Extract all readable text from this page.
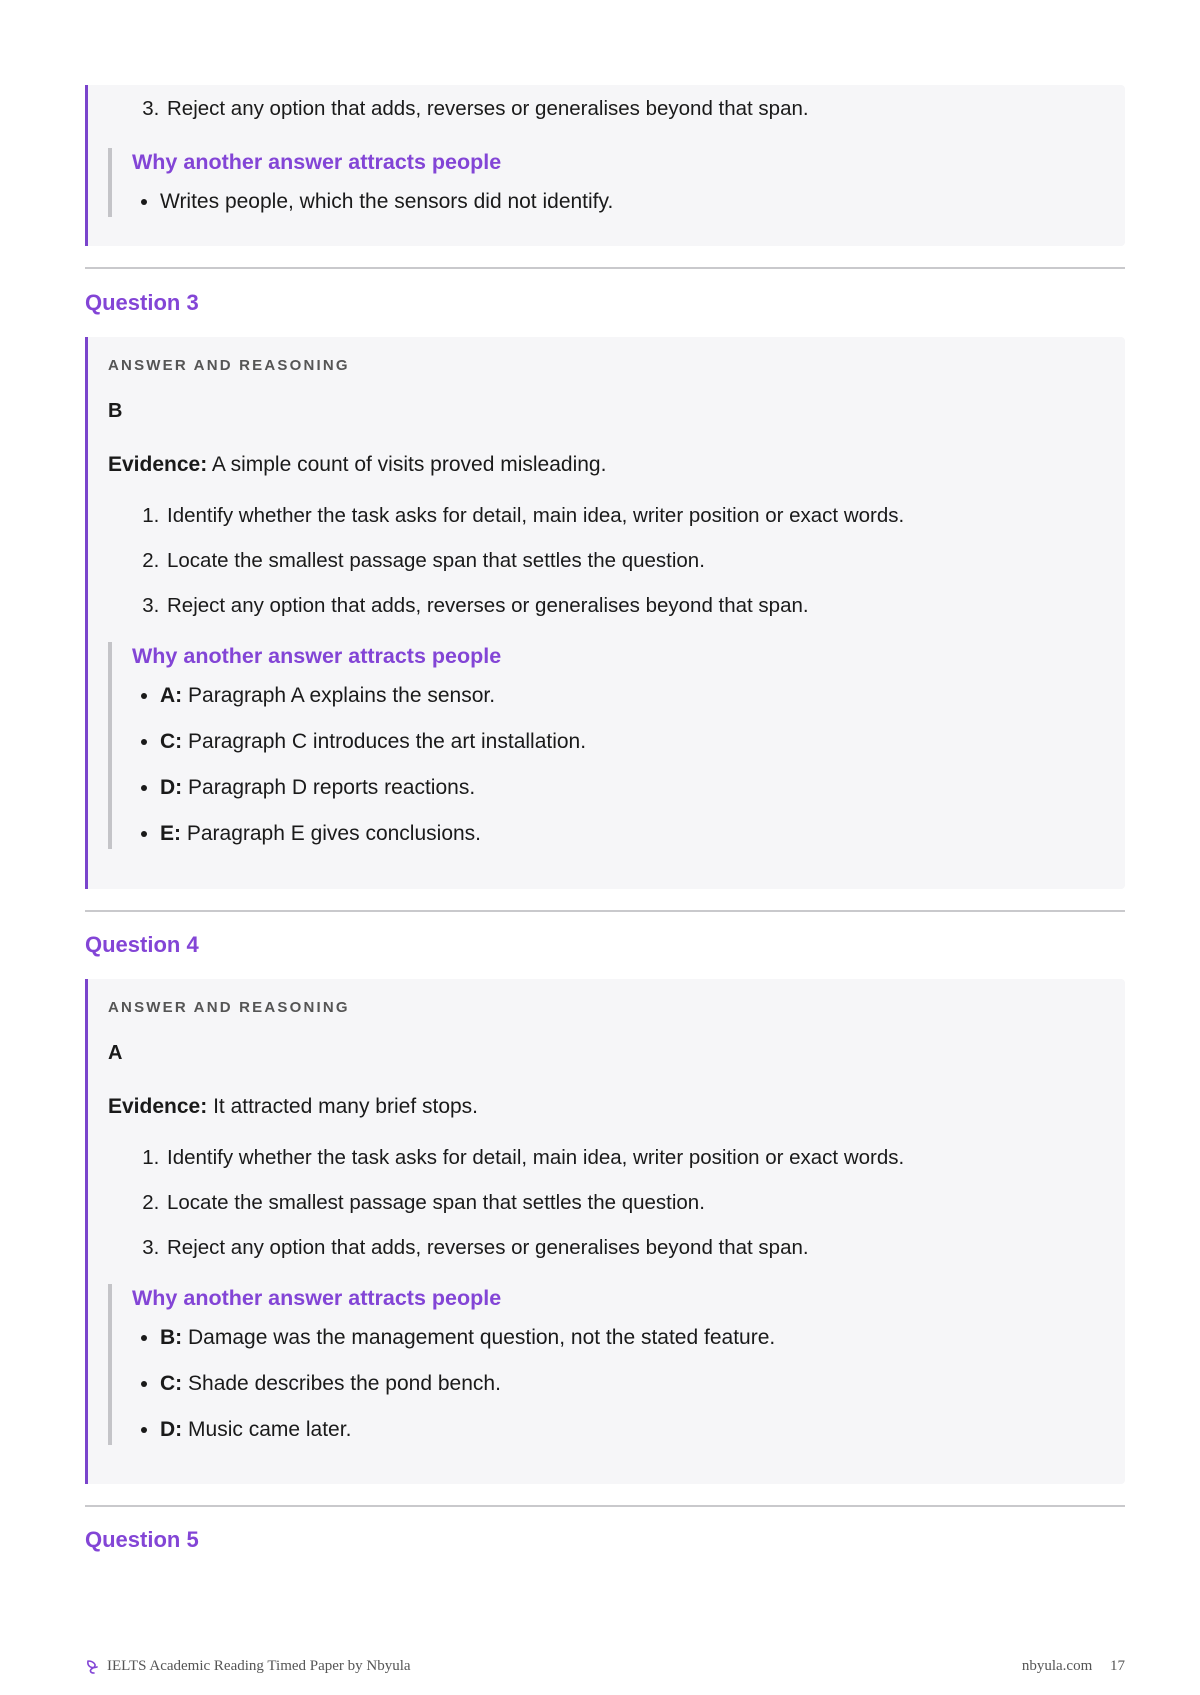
3. Reject any option that adds, reverses or generalises beyond that span.
Why another answer attracts people
• Writes people, which the sensors did not identify.
Question 3
ANSWER AND REASONING
B
Evidence: A simple count of visits proved misleading.
1. Identify whether the task asks for detail, main idea, writer position or exact words.
2. Locate the smallest passage span that settles the question.
3. Reject any option that adds, reverses or generalises beyond that span.
Why another answer attracts people
• A: Paragraph A explains the sensor.
• C: Paragraph C introduces the art installation.
• D: Paragraph D reports reactions.
• E: Paragraph E gives conclusions.
Question 4
ANSWER AND REASONING
A
Evidence: It attracted many brief stops.
1. Identify whether the task asks for detail, main idea, writer position or exact words.
2. Locate the smallest passage span that settles the question.
3. Reject any option that adds, reverses or generalises beyond that span.
Why another answer attracts people
• B: Damage was the management question, not the stated feature.
• C: Shade describes the pond bench.
• D: Music came later.
Question 5
IELTS Academic Reading Timed Paper by Nbyula	nbyula.com 17
